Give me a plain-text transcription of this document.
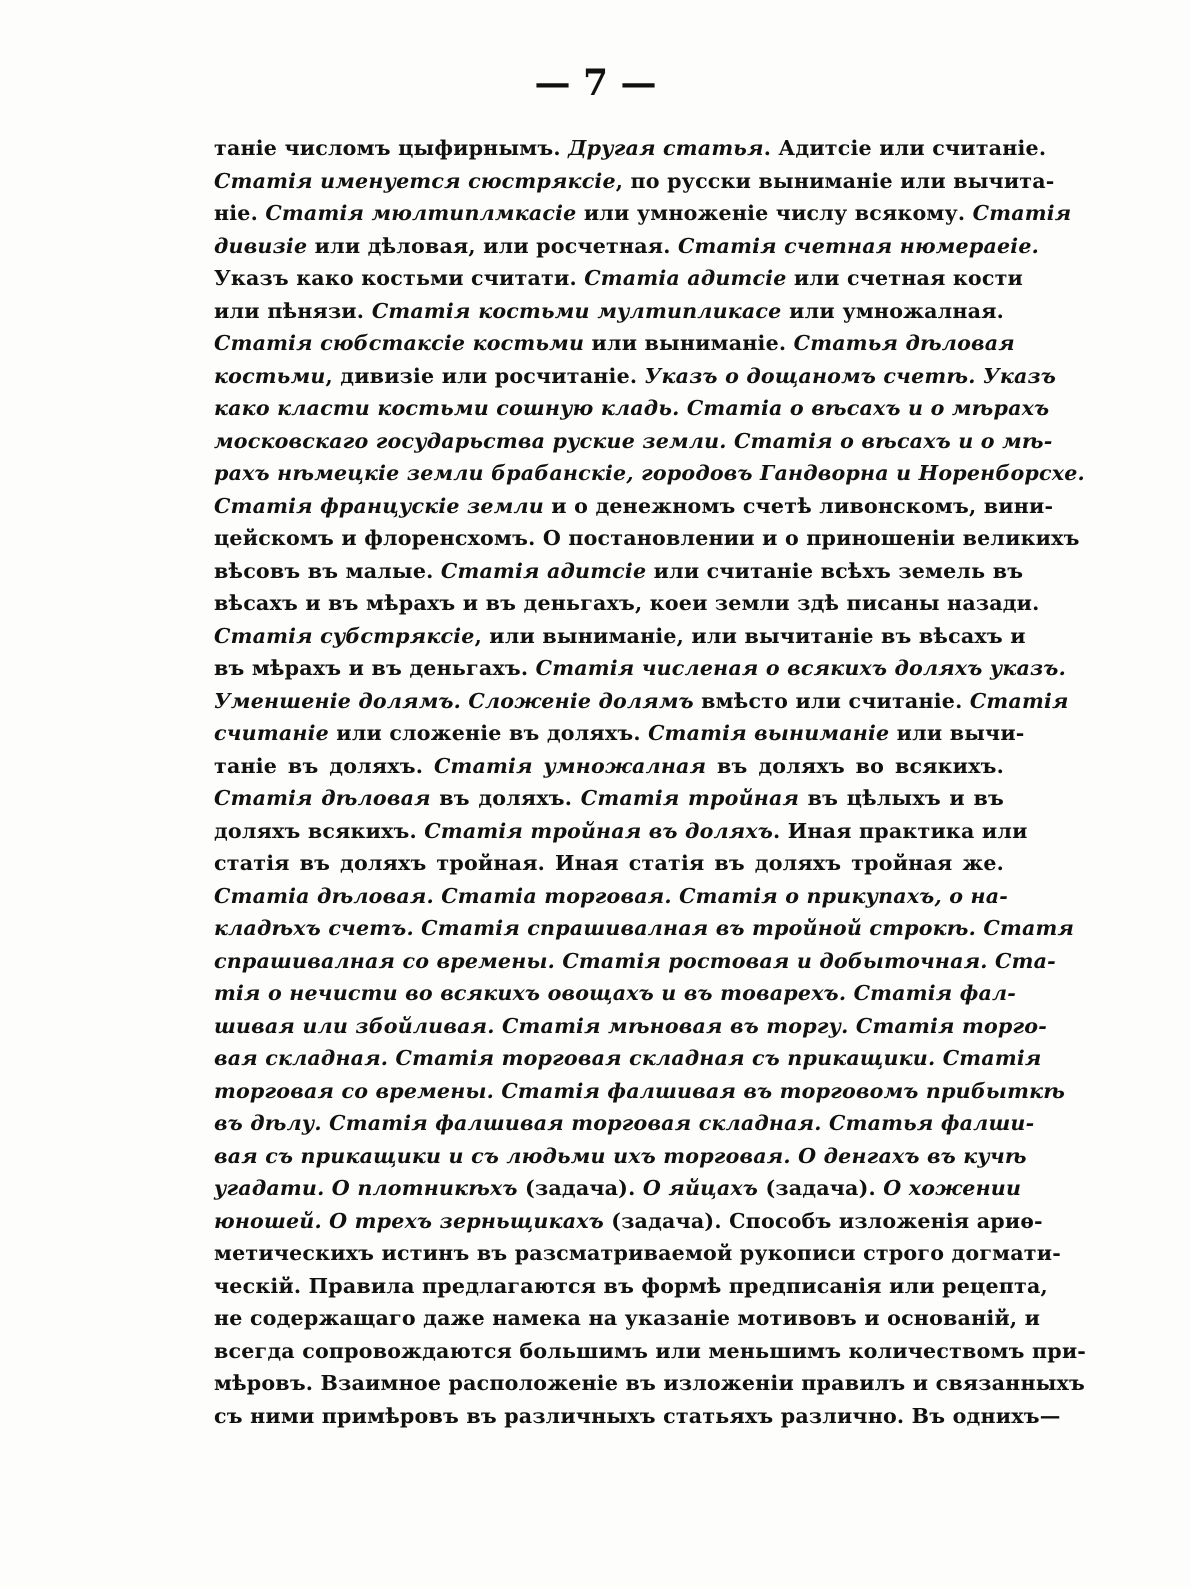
— 7 —
таніе числомъ цыфирнымъ. Другая статья. Адитсіе или считаніе.
Статія именуется сюстряксіе, по русски выниманіе или вычита-
ніе. Статія мюлтиплмкасіе или умноженіе числу всякому. Статія
дивизіе или дѣловая, или росчетная. Статія счетная нюмераеіе.
Указъ како костьми считати. Статіа адитсіе или счетная кости
или пѣнязи. Статія костьми мултипликасе или умножалная.
Статія сюбстаксіе костьми или выниманіе. Статья дѣловая
костьми, дивизіе или росчитаніе. Указъ о дощаномъ счетѣ. Указъ
како класти костьми сошную кладь. Статіа о вѣсахъ и о мѣрахъ
московскаго государьства руские земли. Статія о вѣсахъ и о мѣ-
рахъ нѣмецкіе земли брабанскіе, городовъ Гандворна и Норенборсхе.
Статія францускіе земли и о денежномъ счетѣ ливонскомъ, вини-
цейскомъ и флоренсхомъ. О постановлении и о приношеніи великихъ
вѣсовъ въ малые. Статія адитсіе или считаніе всѣхъ земель въ
вѣсахъ и въ мѣрахъ и въ деньгахъ, коеи земли здѣ писаны назади.
Статія субстряксіе, или выниманіе, или вычитаніе въ вѣсахъ и
въ мѣрахъ и въ деньгахъ. Статія численая о всякихъ доляхъ указъ.
Уменшеніе долямъ. Сложеніе долямъ вмѣсто или считаніе. Статія
считаніе или сложеніе въ доляхъ. Статія выниманіе или вычи-
таніе въ доляхъ. Статія умножалная въ доляхъ во всякихъ.
Статія дѣловая въ доляхъ. Статія тройная въ цѣлыхъ и въ
доляхъ всякихъ. Статія тройная въ доляхъ. Иная практика или
статія въ доляхъ тройная. Иная статія въ доляхъ тройная же.
Статіа дѣловая. Статіа торговая. Статія о прикупахъ, о на-
кладѣхъ счетъ. Статія спрашивалная въ тройной строкѣ. Статя
спрашивалная со времены. Статія ростовая и добыточная. Ста-
тія о нечисти во всякихъ овощахъ и въ товарехъ. Статія фал-
шивая или збойливая. Статія мѣновая въ торгу. Статія торго-
вая складная. Статія торговая складная съ прикащики. Статія
торговая со времены. Статія фалшивая въ торговомъ прибыткѣ
въ дѣлу. Статія фалшивая торговая складная. Статья фалши-
вая съ прикащики и съ людьми ихъ торговая. О денгахъ въ кучѣ
угадати. О плотникѣхъ (задача). О яйцахъ (задача). О хожении
юношей. О трехъ зерньщикахъ (задача). Способъ изложенія ариѳ-
метическихъ истинъ въ разсматриваемой рукописи строго догмати-
ческій. Правила предлагаются въ формѣ предписанія или рецепта,
не содержащаго даже намека на указаніе мотивовъ и основаній, и
всегда сопровождаются большимъ или меньшимъ количествомъ при-
мѣровъ. Взаимное расположеніе въ изложеніи правилъ и связанныхъ
съ ними примѣровъ въ различныхъ статьяхъ различно. Въ однихъ—
